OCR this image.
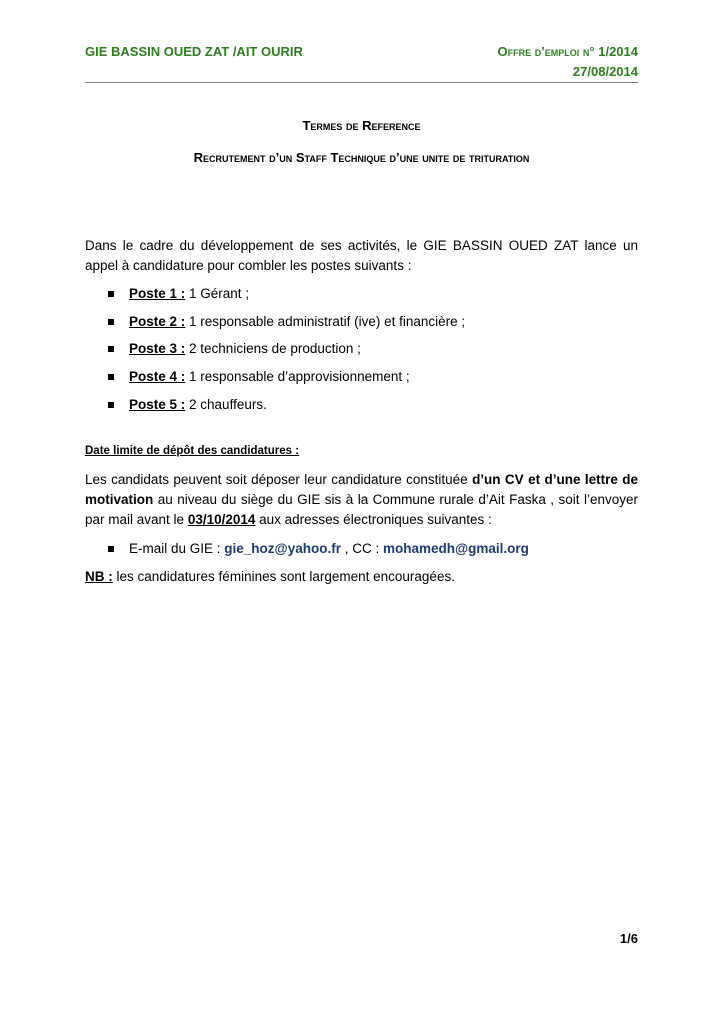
GIE BASSIN OUED ZAT /AIT OURIR	Offre d’emploi n° 1/2014
27/08/2014
Termes de Reference
Recrutement d’un Staff Technique d’une unite de trituration
Dans le cadre du développement de ses activités, le GIE BASSIN OUED ZAT lance un appel à candidature pour combler les postes suivants :
Poste 1 : 1 Gérant ;
Poste 2 : 1 responsable administratif (ive) et financière ;
Poste 3 : 2 techniciens de production ;
Poste 4 : 1 responsable d’approvisionnement ;
Poste 5 : 2 chauffeurs.
Date limite de dépôt des candidatures :
Les candidats peuvent soit déposer leur candidature constituée d’un CV et d’une lettre de motivation au niveau du siège du GIE sis à la Commune rurale d’Ait Faska , soit l’envoyer par mail avant le 03/10/2014 aux adresses électroniques suivantes :
E-mail du GIE : gie_hoz@yahoo.fr , CC : mohamedh@gmail.org
NB : les candidatures féminines sont largement encouragées.
1/6
